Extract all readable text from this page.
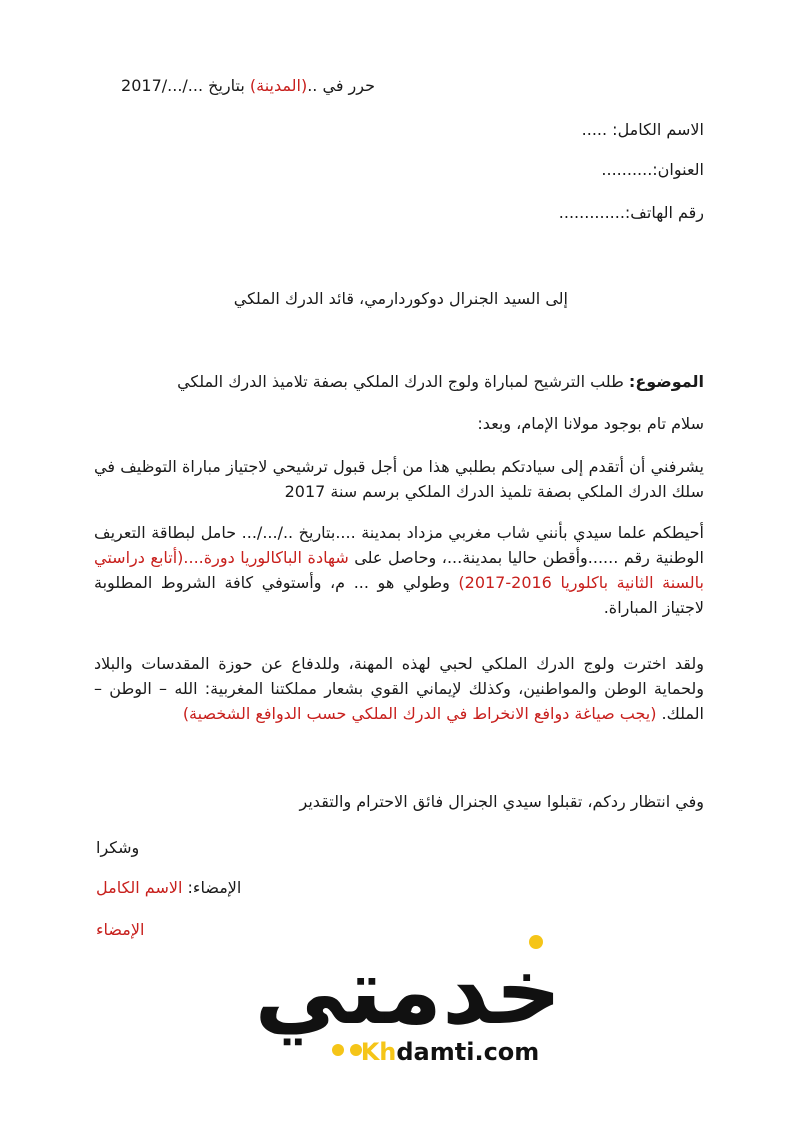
حرر في ..(المدينة) بتاريخ .../.../2017
الاسم الكامل: .....
العنوان:..........
رقم الهاتف:.............
إلى السيد الجنرال دوكوردارمي، قائد الدرك الملكي
الموضوع: طلب الترشيح لمباراة ولوج الدرك الملكي بصفة تلاميذ الدرك الملكي
سلام تام بوجود مولانا الإمام، وبعد:
يشرفني أن أتقدم إلى سيادتكم بطلبي هذا من أجل قبول ترشيحي لاجتياز مباراة التوظيف في سلك الدرك الملكي بصفة تلميذ الدرك الملكي برسم سنة 2017
أحيطكم علما سيدي بأنني شاب مغربي مزداد بمدينة ....بتاريخ ../.../... حامل لبطاقة التعريف الوطنية رقم ......وأقطن حاليا بمدينة...، وحاصل على شهادة الباكالوريا دورة....(أتابع دراستي بالسنة الثانية باكلوريا 2016-2017) وطولي هو ... م، وأستوفي كافة الشروط المطلوبة لاجتياز المباراة.
ولقد اخترت ولوج الدرك الملكي لحبي لهذه المهنة، وللدفاع عن حوزة المقدسات والبلاد ولحماية الوطن والمواطنين، وكذلك لإيماني القوي بشعار مملكتنا المغربية: الله – الوطن – الملك. (يجب صياغة دوافع الانخراط في الدرك الملكي حسب الدوافع الشخصية)
وفي انتظار ردكم، تقبلوا سيدي الجنرال فائق الاحترام والتقدير
وشكرا
الإمضاء: الاسم الكامل
الإمضاء
خدمتي
Khdamti.com
